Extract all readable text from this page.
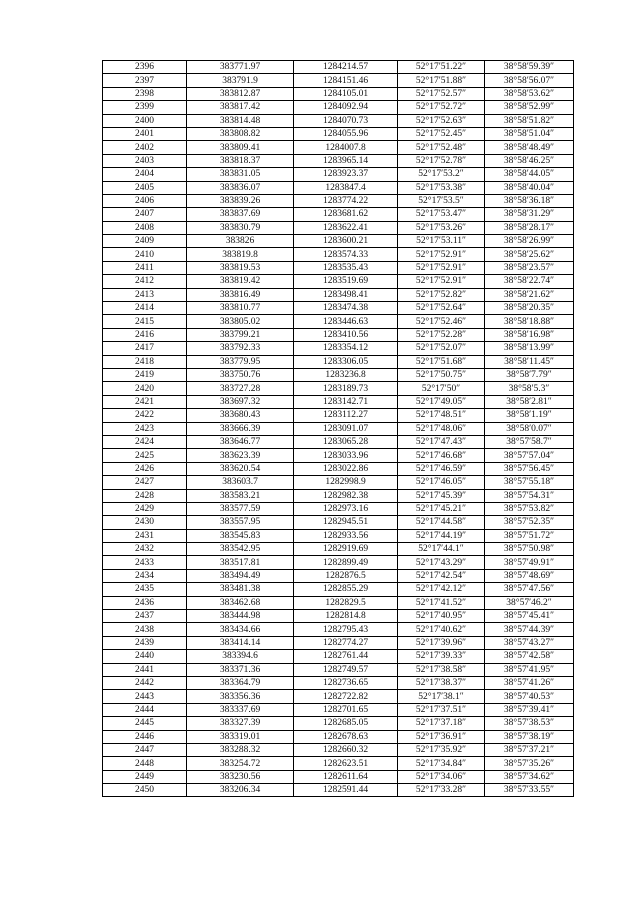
2396	383771.97	1284214.57	52°17′51.22″	38°58′59.39″
2397	383791.9	1284151.46	52°17′51.88″	38°58′56.07″
2398	383812.87	1284105.01	52°17′52.57″	38°58′53.62″
2399	383817.42	1284092.94	52°17′52.72″	38°58′52.99″
2400	383814.48	1284070.73	52°17′52.63″	38°58′51.82″
2401	383808.82	1284055.96	52°17′52.45″	38°58′51.04″
2402	383809.41	1284007.8	52°17′52.48″	38°58′48.49″
2403	383818.37	1283965.14	52°17′52.78″	38°58′46.25″
2404	383831.05	1283923.37	52°17′53.2″	38°58′44.05″
2405	383836.07	1283847.4	52°17′53.38″	38°58′40.04″
2406	383839.26	1283774.22	52°17′53.5″	38°58′36.18″
2407	383837.69	1283681.62	52°17′53.47″	38°58′31.29″
2408	383830.79	1283622.41	52°17′53.26″	38°58′28.17″
2409	383826	1283600.21	52°17′53.11″	38°58′26.99″
2410	383819.8	1283574.33	52°17′52.91″	38°58′25.62″
2411	383819.53	1283535.43	52°17′52.91″	38°58′23.57″
2412	383819.42	1283519.69	52°17′52.91″	38°58′22.74″
2413	383816.49	1283498.41	52°17′52.82″	38°58′21.62″
2414	383810.77	1283474.38	52°17′52.64″	38°58′20.35″
2415	383805.02	1283446.63	52°17′52.46″	38°58′18.88″
2416	383799.21	1283410.56	52°17′52.28″	38°58′16.98″
2417	383792.33	1283354.12	52°17′52.07″	38°58′13.99″
2418	383779.95	1283306.05	52°17′51.68″	38°58′11.45″
2419	383750.76	1283236.8	52°17′50.75″	38°58′7.79″
2420	383727.28	1283189.73	52°17′50″	38°58′5.3″
2421	383697.32	1283142.71	52°17′49.05″	38°58′2.81″
2422	383680.43	1283112.27	52°17′48.51″	38°58′1.19″
2423	383666.39	1283091.07	52°17′48.06″	38°58′0.07″
2424	383646.77	1283065.28	52°17′47.43″	38°57′58.7″
2425	383623.39	1283033.96	52°17′46.68″	38°57′57.04″
2426	383620.54	1283022.86	52°17′46.59″	38°57′56.45″
2427	383603.7	1282998.9	52°17′46.05″	38°57′55.18″
2428	383583.21	1282982.38	52°17′45.39″	38°57′54.31″
2429	383577.59	1282973.16	52°17′45.21″	38°57′53.82″
2430	383557.95	1282945.51	52°17′44.58″	38°57′52.35″
2431	383545.83	1282933.56	52°17′44.19″	38°57′51.72″
2432	383542.95	1282919.69	52°17′44.1″	38°57′50.98″
2433	383517.81	1282899.49	52°17′43.29″	38°57′49.91″
2434	383494.49	1282876.5	52°17′42.54″	38°57′48.69″
2435	383481.38	1282855.29	52°17′42.12″	38°57′47.56″
2436	383462.68	1282829.5	52°17′41.52″	38°57′46.2″
2437	383444.98	1282814.8	52°17′40.95″	38°57′45.41″
2438	383434.66	1282795.43	52°17′40.62″	38°57′44.39″
2439	383414.14	1282774.27	52°17′39.96″	38°57′43.27″
2440	383394.6	1282761.44	52°17′39.33″	38°57′42.58″
2441	383371.36	1282749.57	52°17′38.58″	38°57′41.95″
2442	383364.79	1282736.65	52°17′38.37″	38°57′41.26″
2443	383356.36	1282722.82	52°17′38.1″	38°57′40.53″
2444	383337.69	1282701.65	52°17′37.51″	38°57′39.41″
2445	383327.39	1282685.05	52°17′37.18″	38°57′38.53″
2446	383319.01	1282678.63	52°17′36.91″	38°57′38.19″
2447	383288.32	1282660.32	52°17′35.92″	38°57′37.21″
2448	383254.72	1282623.51	52°17′34.84″	38°57′35.26″
2449	383230.56	1282611.64	52°17′34.06″	38°57′34.62″
2450	383206.34	1282591.44	52°17′33.28″	38°57′33.55″
